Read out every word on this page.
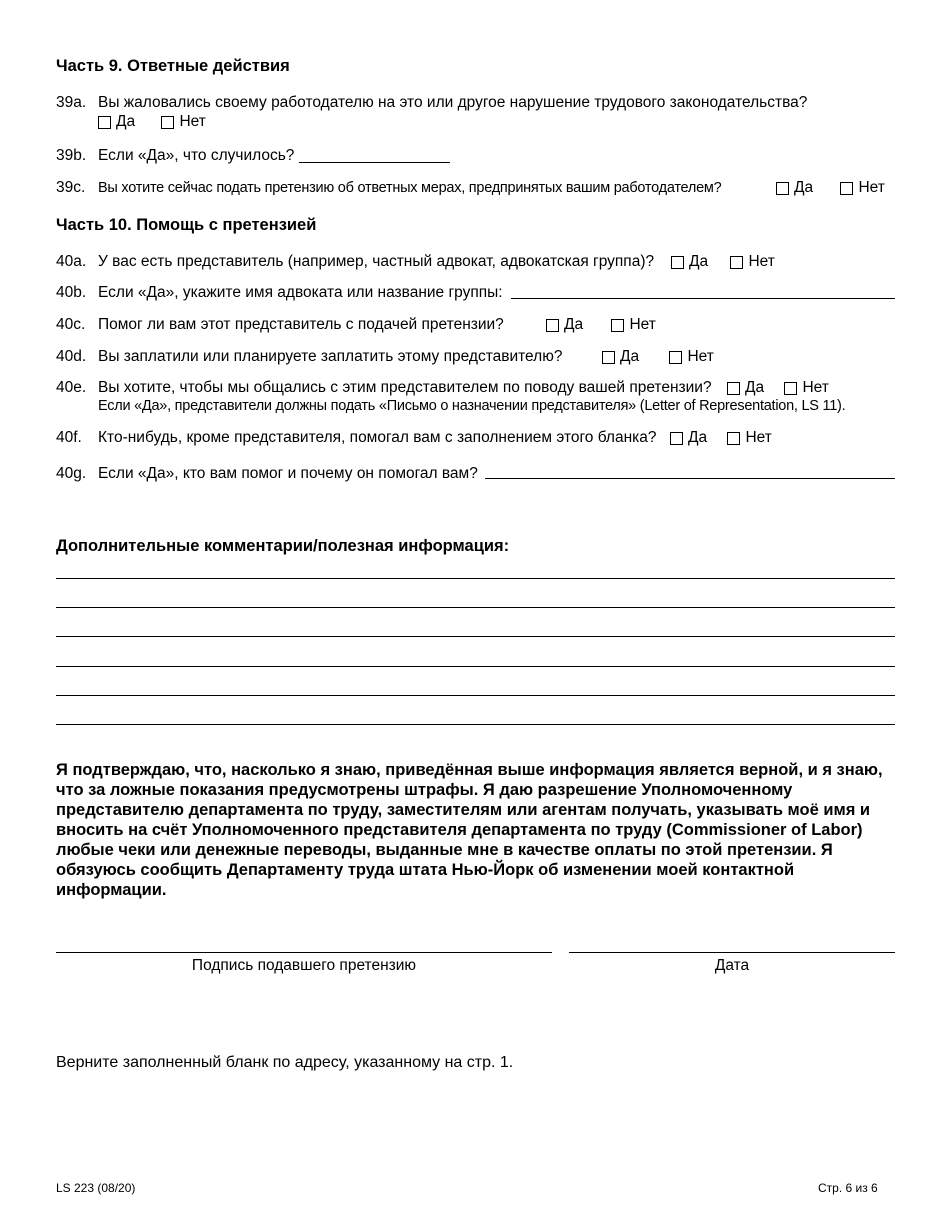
Часть 9. Ответные действия
39a. Вы жаловались своему работодателю на это или другое нарушение трудового законодательства?
Да
	Нет
39b. Если «Да», что случилось?
39c. Вы хотите сейчас подать претензию об ответных мерах, предпринятых вашим работодателем?	Да
	Нет
Часть 10. Помощь с претензией
40a. У вас есть представитель (например, частный адвокат, адвокатская группа)? Да
	Нет
40b. Если «Да», укажите имя адвоката или название группы:
40c. Помог ли вам этот представитель с подачей претензии?	Да
	Нет
40d. Вы заплатили или планируете заплатить этому представителю?	Да
	Нет
40e. Вы хотите, чтобы мы общались с этим представителем по поводу вашей претензии? Да
Нет
Если «Да», представители должны подать «Письмо о назначении представителя» (Letter of Representation, LS 11).
40f. Кто-нибудь, кроме представителя, помогал вам с заполнением этого бланка? Да
Нет
40g. Если «Да», кто вам помог и почему он помогал вам?
Дополнительные комментарии/полезная информация:
Я подтверждаю, что, насколько я знаю, приведённая выше информация является верной, и я знаю, что за ложные показания предусмотрены штрафы. Я даю разрешение Уполномоченному представителю департамента по труду, заместителям или агентам получать, указывать моё имя и вносить на счёт Уполномоченного представителя департамента по труду (Commissioner of Labor) любые чеки или денежные переводы, выданные мне в качестве оплаты по этой претензии. Я обязуюсь сообщить Департаменту труда штата Нью-Йорк об изменении моей контактной информации.
Подпись подавшего претензию	Дата
Верните заполненный бланк по адресу, указанному на стр. 1.
LS 223 (08/20)	Стр. 6 из 6
